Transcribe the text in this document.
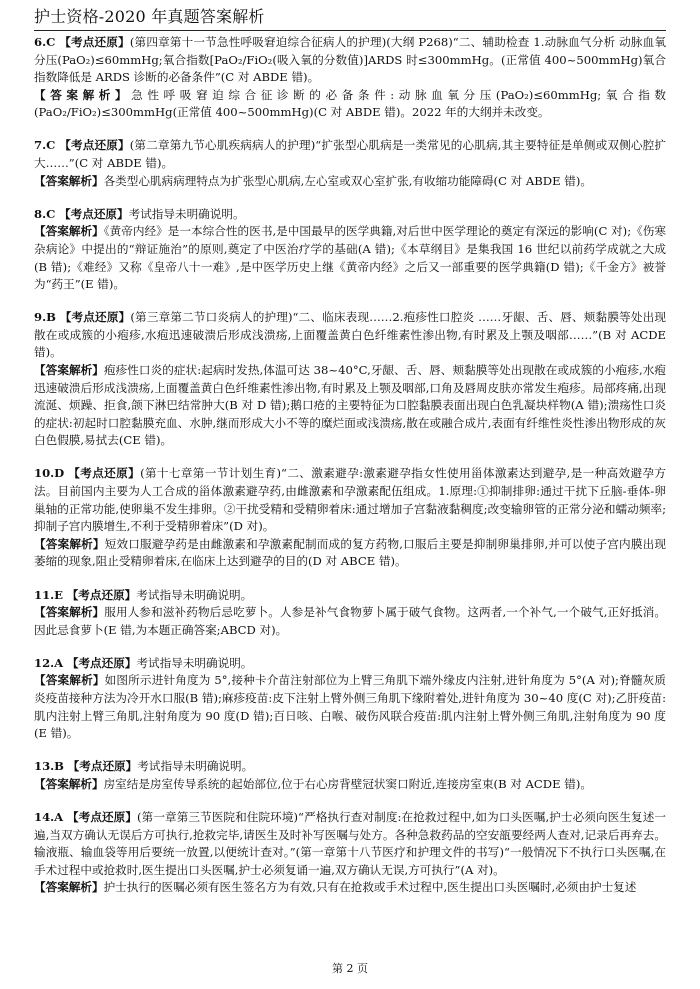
护士资格-2020 年真题答案解析

6.C 【考点还原】(第四章第十一节急性呼吸窘迫综合征病人的护理)(大纲 P268)“二、辅助检查 1.动脉血气分析 动脉血氧分压(PaO₂)≤60mmHg;氧合指数[PaO₂/FiO₂(吸入氧的分数值)]ARDS 时≤300mmHg。(正常值 400~500mmHg)氧合指数降低是 ARDS 诊断的必备条件”(C 对 ABDE 错)。

【答案解析】急性呼吸窘迫综合征诊断的必备条件:动脉血氧分压(PaO₂)≤60mmHg;氧合指数(PaO₂/FiO₂)≤300mmHg(正常值 400~500mmHg)(C 对 ABDE 错)。2022 年的大纲并未改变。

7.C 【考点还原】(第二章第九节心肌疾病病人的护理)“扩张型心肌病是一类常见的心肌病,其主要特征是单侧或双侧心腔扩大……”(C 对 ABDE 错)。

【答案解析】各类型心肌病病理特点为扩张型心肌病,左心室或双心室扩张,有收缩功能障碍(C 对 ABDE 错)。

8.C 【考点还原】考试指导未明确说明。

【答案解析】《黄帝内经》是一本综合性的医书,是中国最早的医学典籍,对后世中医学理论的奠定有深远的影响(C 对);《伤寒杂病论》中提出的“辩证施治”的原则,奠定了中医治疗学的基础(A 错);《本草纲目》是集我国 16 世纪以前药学成就之大成(B 错);《难经》又称《皇帝八十一难》,是中医学历史上继《黄帝内经》之后又一部重要的医学典籍(D 错);《千金方》被誉为“药王”(E 错)。

9.B 【考点还原】(第三章第二节口炎病人的护理)“二、临床表现……2.疱疹性口腔炎 ……牙龈、舌、唇、颊黏膜等处出现散在或成簇的小疱疹,水疱迅速破溃后形成浅溃疡,上面覆盖黄白色纤维素性渗出物,有时累及上颚及咽部……”(B 对 ACDE 错)。

【答案解析】疱疹性口炎的症状:起病时发热,体温可达 38~40°C,牙龈、舌、唇、颊黏膜等处出现散在或成簇的小疱疹,水疱迅速破溃后形成浅溃疡,上面覆盖黄白色纤维素性渗出物,有时累及上颚及咽部,口角及唇周皮肤亦常发生疱疹。局部疼痛,出现流涎、烦躁、拒食,颌下淋巴结常肿大(B 对 D 错);鹅口疮的主要特征为口腔黏膜表面出现白色乳凝块样物(A 错);溃疡性口炎的症状:初起时口腔黏膜充血、水肿,继而形成大小不等的糜烂面或浅溃疡,散在或融合成片,表面有纤维性炎性渗出物形成的灰白色假膜,易拭去(CE 错)。

10.D 【考点还原】(第十七章第一节计划生育)“二、激素避孕:激素避孕指女性使用甾体激素达到避孕,是一种高效避孕方法。目前国内主要为人工合成的甾体激素避孕药,由雌激素和孕激素配伍组成。1.原理:①抑制排卵:通过干扰下丘脑-垂体-卵巢轴的正常功能,使卵巢不发生排卵。②干扰受精和受精卵着床:通过增加子宫黏液黏稠度;改变输卵管的正常分泌和蠕动频率;抑制子宫内膜增生,不利于受精卵着床”(D 对)。

【答案解析】短效口服避孕药是由雌激素和孕激素配制而成的复方药物,口服后主要是抑制卵巢排卵,并可以使子宫内膜出现萎缩的现象,阻止受精卵着床,在临床上达到避孕的目的(D 对 ABCE 错)。

11.E 【考点还原】考试指导未明确说明。

【答案解析】服用人参和滋补药物后忌吃萝卜。人参是补气食物萝卜属于破气食物。这两者,一个补气,一个破气,正好抵消。因此忌食萝卜(E 错,为本题正确答案;ABCD 对)。

12.A 【考点还原】考试指导未明确说明。

【答案解析】如图所示进针角度为 5°,接种卡介苗注射部位为上臂三角肌下端外缘皮内注射,进针角度为 5°(A 对);脊髓灰质炎疫苗接种方法为冷开水口服(B 错);麻疹疫苗:皮下注射上臂外侧三角肌下缘附着处,进针角度为 30~40 度(C 对);乙肝疫苗:肌内注射上臂三角肌,注射角度为 90 度(D 错);百日咳、白喉、破伤风联合疫苗:肌内注射上臂外侧三角肌,注射角度为 90 度(E 错)。

13.B 【考点还原】考试指导未明确说明。

【答案解析】房室结是房室传导系统的起始部位,位于右心房背壁冠状窦口附近,连接房室束(B 对 ACDE 错)。

14.A 【考点还原】(第一章第三节医院和住院环境)“严格执行查对制度:在抢救过程中,如为口头医嘱,护士必须向医生复述一遍,当双方确认无误后方可执行,抢救完毕,请医生及时补写医嘱与处方。各种急救药品的空安瓿要经两人查对,记录后再弃去。输液瓶、输血袋等用后要统一放置,以便统计查对。”(第一章第十八节医疗和护理文件的书写)“一般情况下不执行口头医嘱,在手术过程中或抢救时,医生提出口头医嘱,护士必须复诵一遍,双方确认无误,方可执行”(A 对)。

【答案解析】护士执行的医嘱必须有医生签名方为有效,只有在抢救或手术过程中,医生提出口头医嘱时,必须由护士复述

第 2 页
